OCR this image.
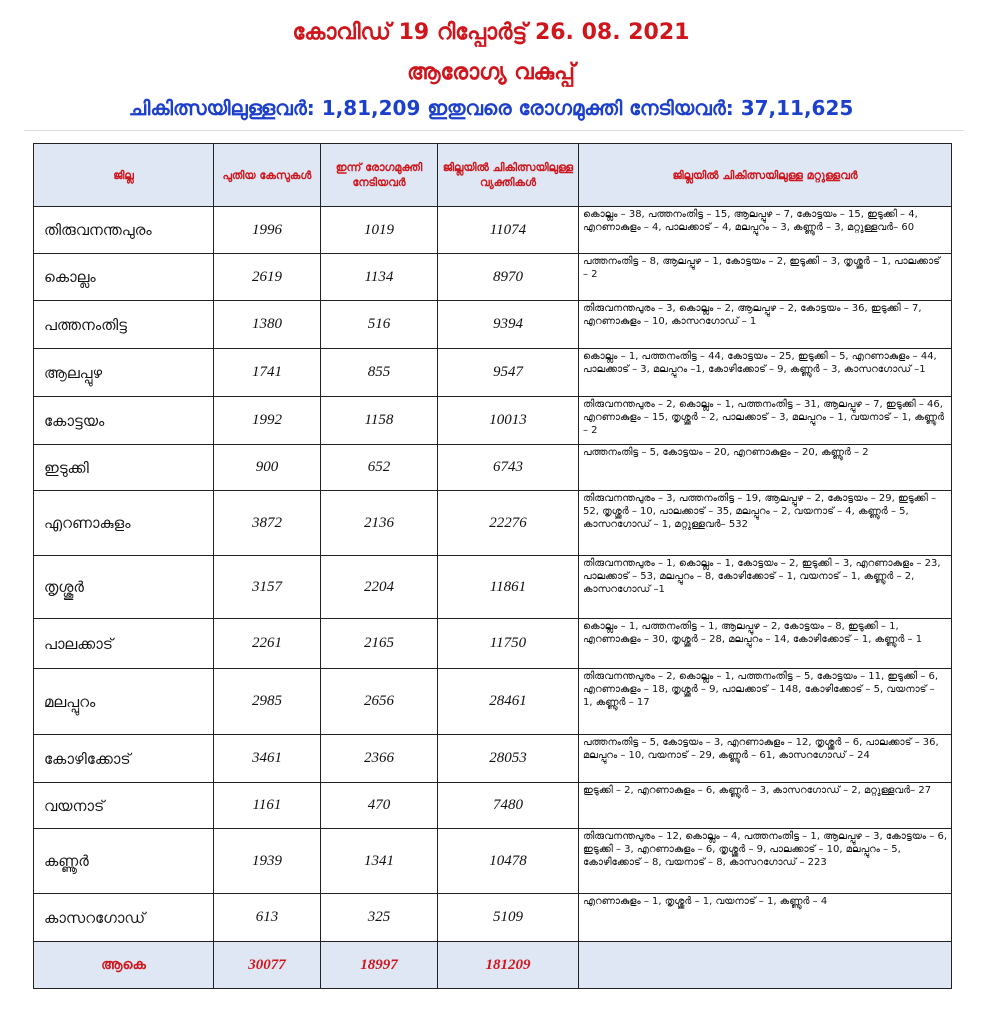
കോവിഡ് 19 റിപ്പോർട്ട് 26. 08. 2021
ആരോഗ്യ വകുപ്പ്
ചികിത്സയിലുള്ളവർ: 1,81,209 ഇതുവരെ രോഗമുക്തി നേടിയവർ: 37,11,625
ജില്ല	പുതിയ കേസുകൾ	ഇന്ന് രോഗമുക്തി നേടിയവർ	ജില്ലയിൽ ചികിത്സയിലുള്ള വ്യക്തികൾ	ജില്ലയിൽ ചികിത്സയിലുള്ള മറ്റുള്ളവർ
തിരുവനന്തപുരം	1996	1019	11074	കൊല്ലം – 38, പത്തനംതിട്ട – 15, ആലപ്പുഴ – 7, കോട്ടയം – 15, ഇടുക്കി – 4, എറണാകുളം – 4, പാലക്കാട് – 4, മലപ്പുറം – 3, കണ്ണൂർ – 3, മറ്റുള്ളവർ– 60
കൊല്ലം	2619	1134	8970	പത്തനംതിട്ട – 8, ആലപ്പുഴ – 1, കോട്ടയം – 2, ഇടുക്കി – 3, തൃശ്ശൂർ – 1, പാലക്കാട് – 2
പത്തനംതിട്ട	1380	516	9394	തിരുവനന്തപുരം – 3, കൊല്ലം – 2, ആലപ്പുഴ – 2, കോട്ടയം – 36, ഇടുക്കി – 7, എറണാകുളം – 10, കാസറഗോഡ് – 1
ആലപ്പുഴ	1741	855	9547	കൊല്ലം – 1, പത്തനംതിട്ട – 44, കോട്ടയം – 25, ഇടുക്കി – 5, എറണാകുളം – 44, പാലക്കാട് – 3, മലപ്പുറം –1, കോഴിക്കോട് – 9, കണ്ണൂർ – 3, കാസറഗോഡ് –1
കോട്ടയം	1992	1158	10013	തിരുവനന്തപുരം – 2, കൊല്ലം – 1, പത്തനംതിട്ട – 31, ആലപ്പുഴ – 7, ഇടുക്കി – 46, എറണാകുളം – 15, തൃശ്ശൂർ – 2, പാലക്കാട് – 3, മലപ്പുറം – 1, വയനാട് – 1, കണ്ണൂർ – 2
ഇടുക്കി	900	652	6743	പത്തനംതിട്ട – 5, കോട്ടയം – 20, എറണാകുളം – 20, കണ്ണൂർ – 2
എറണാകുളം	3872	2136	22276	തിരുവനന്തപുരം – 3, പത്തനംതിട്ട – 19, ആലപ്പുഴ – 2, കോട്ടയം – 29, ഇടുക്കി – 52, തൃശ്ശൂർ – 10, പാലക്കാട് – 35, മലപ്പുറം – 2, വയനാട് – 4, കണ്ണൂർ – 5, കാസറഗോഡ് – 1, മറ്റുള്ളവർ– 532
തൃശ്ശൂർ	3157	2204	11861	തിരുവനന്തപുരം – 1, കൊല്ലം – 1, കോട്ടയം – 2, ഇടുക്കി – 3, എറണാകുളം – 23, പാലക്കാട് – 53, മലപ്പുറം – 8, കോഴിക്കോട് – 1, വയനാട് – 1, കണ്ണൂർ – 2, കാസറഗോഡ് –1
പാലക്കാട്	2261	2165	11750	കൊല്ലം – 1, പത്തനംതിട്ട – 1, ആലപ്പുഴ – 2, കോട്ടയം – 8, ഇടുക്കി – 1, എറണാകുളം – 30, തൃശ്ശൂർ – 28, മലപ്പുറം – 14, കോഴിക്കോട് – 1, കണ്ണൂർ – 1
മലപ്പുറം	2985	2656	28461	തിരുവനന്തപുരം – 2, കൊല്ലം – 1, പത്തനംതിട്ട – 5, കോട്ടയം – 11, ഇടുക്കി – 6, എറണാകുളം – 18, തൃശ്ശൂർ – 9, പാലക്കാട് – 148, കോഴിക്കോട് – 5, വയനാട് – 1, കണ്ണൂർ – 17
കോഴിക്കോട്	3461	2366	28053	പത്തനംതിട്ട – 5, കോട്ടയം – 3, എറണാകുളം – 12, തൃശ്ശൂർ – 6, പാലക്കാട് – 36, മലപ്പുറം – 10, വയനാട് – 29, കണ്ണൂർ – 61, കാസറഗോഡ് – 24
വയനാട്	1161	470	7480	ഇടുക്കി – 2, എറണാകുളം – 6, കണ്ണൂർ – 3, കാസറഗോഡ് – 2, മറ്റുള്ളവർ– 27
കണ്ണൂർ	1939	1341	10478	തിരുവനന്തപുരം – 12, കൊല്ലം – 4, പത്തനംതിട്ട – 1, ആലപ്പുഴ – 3, കോട്ടയം – 6, ഇടുക്കി – 3, എറണാകുളം – 6, തൃശ്ശൂർ – 9, പാലക്കാട് – 10, മലപ്പുറം – 5, കോഴിക്കോട് – 8, വയനാട് – 8, കാസറഗോഡ് – 223
കാസറഗോഡ്	613	325	5109	എറണാകുളം – 1, തൃശ്ശൂർ – 1, വയനാട് – 1, കണ്ണൂർ – 4
ആകെ	30077	18997	181209	
